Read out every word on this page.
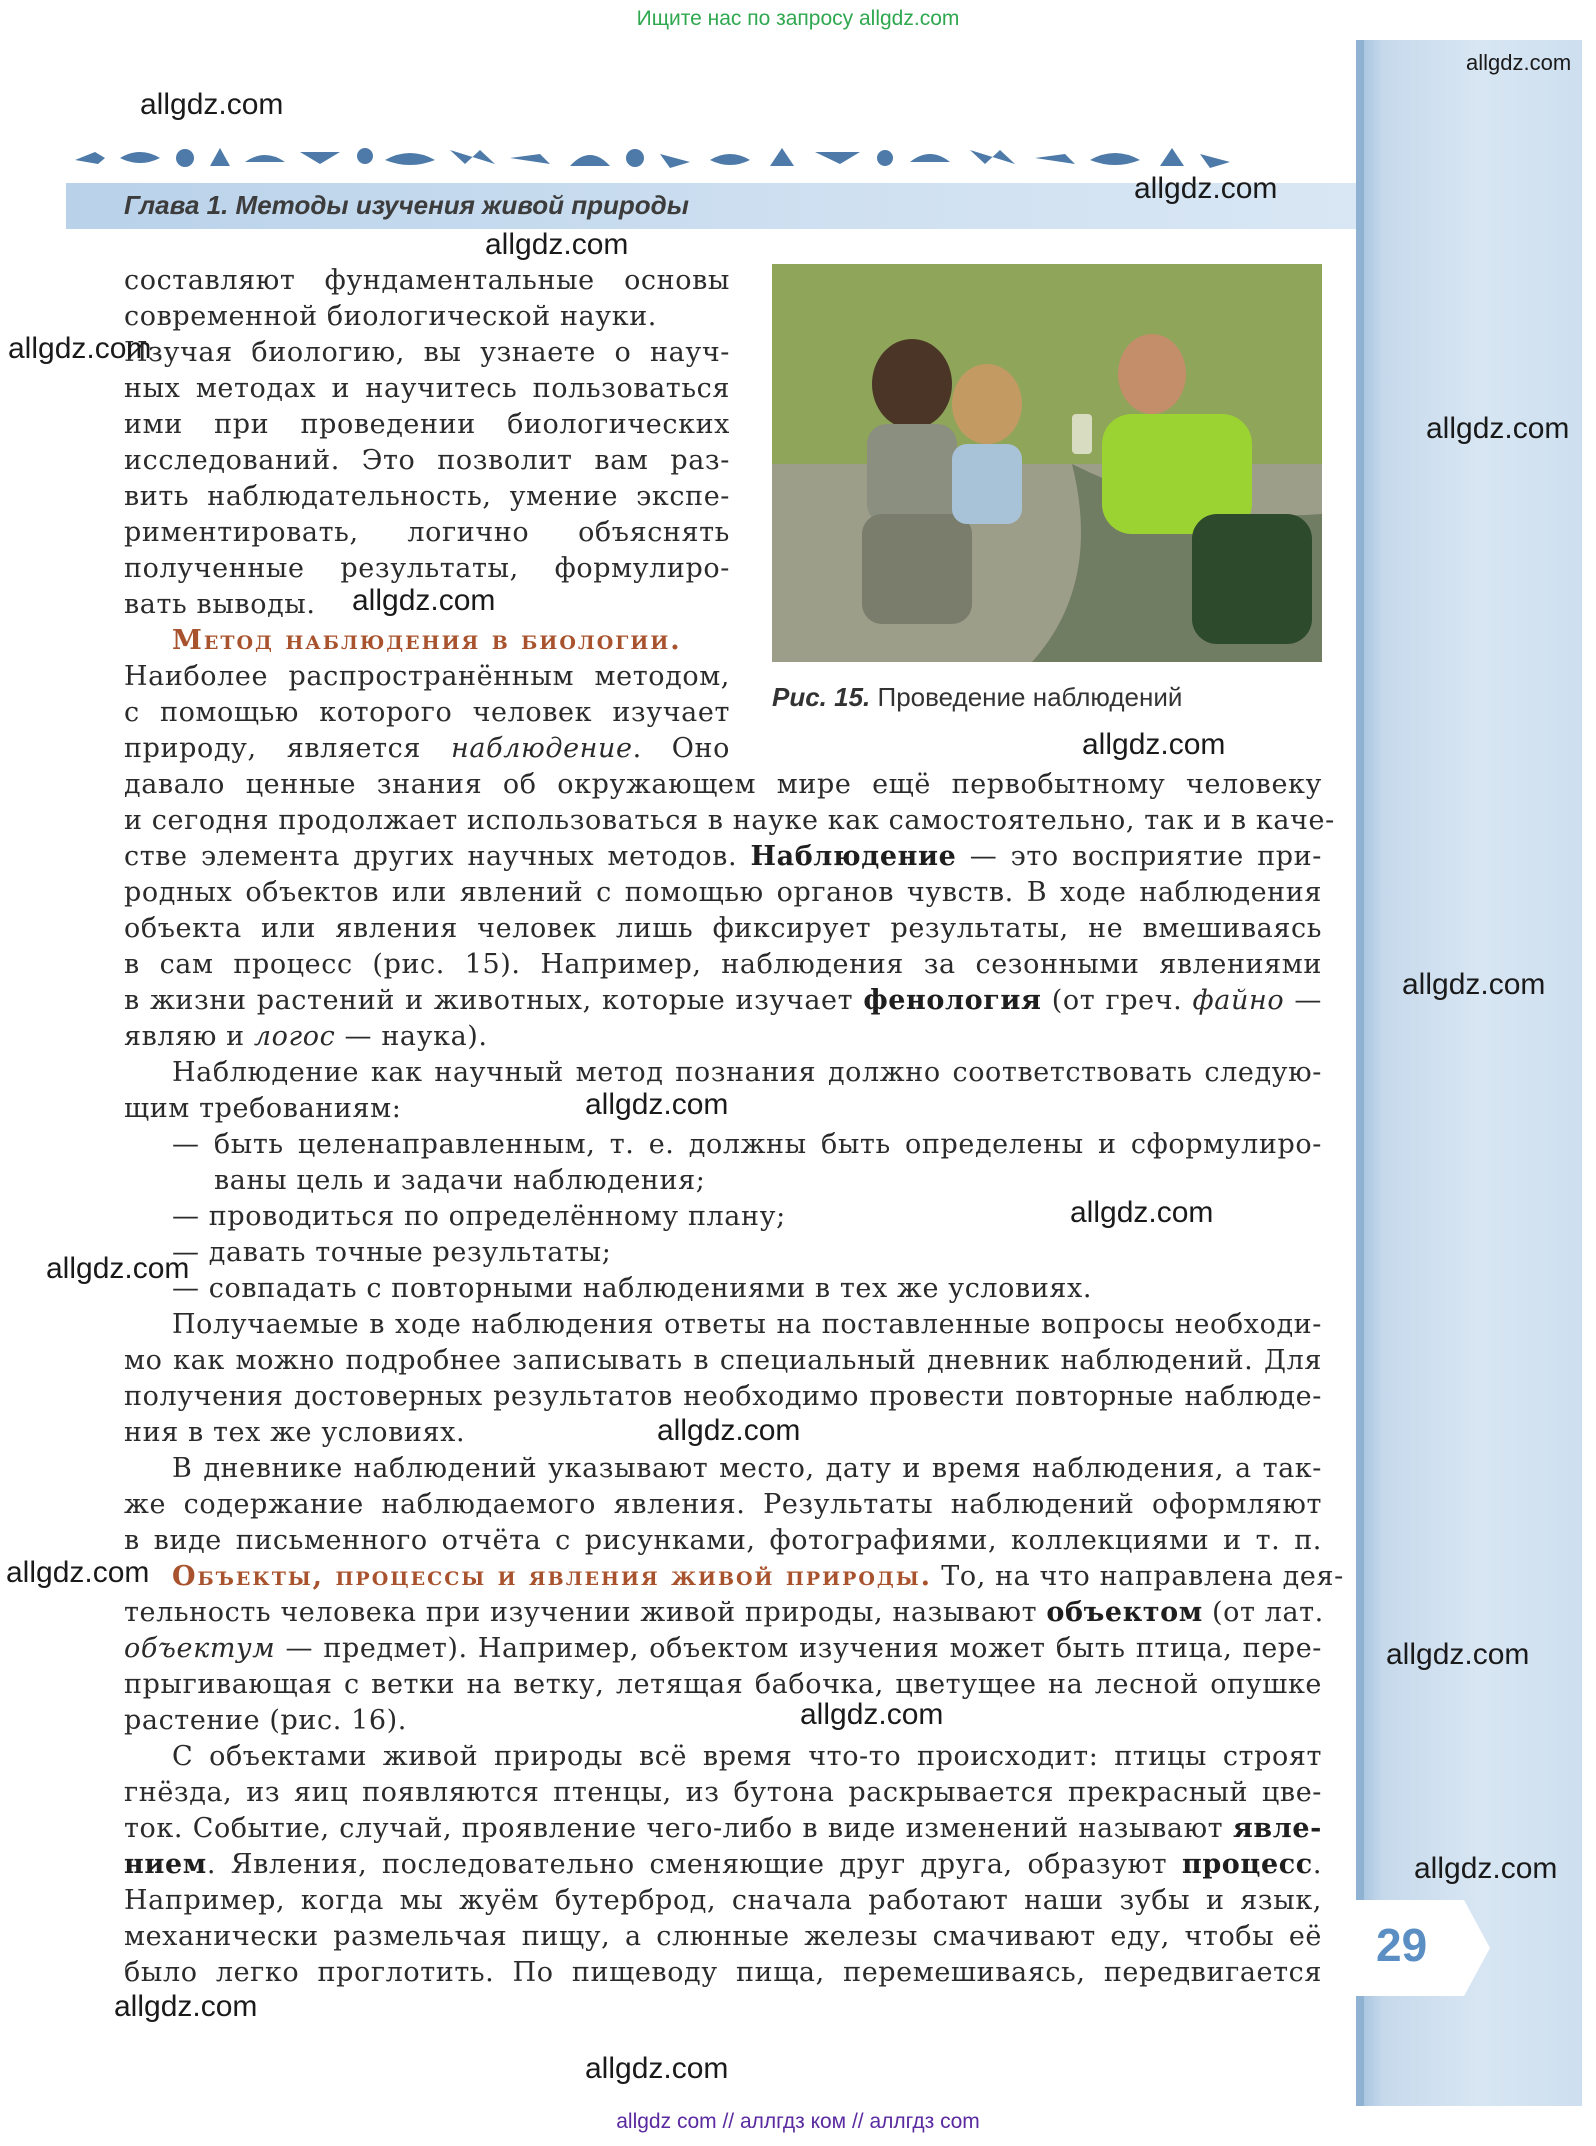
Ищите нас по запросу allgdz.com
29
Глава 1. Методы изучения живой природы
Рис. 15. Проведение наблюдений
составляют фундаментальные основы
современной биологической науки.
Изучая биологию, вы узнаете о науч-
ных методах и научитесь пользоваться
ими при проведении биологических
исследований. Это позволит вам раз-
вить наблюдательность, умение экспе-
риментировать, логично объяснять
полученные результаты, формулиро-
вать выводы.
Метод наблюдения в биологии.
Наиболее распространённым методом,
с помощью которого человек изучает
природу, является наблюдение. Оно
давало ценные знания об окружающем мире ещё первобытному человеку
и сегодня продолжает использоваться в науке как самостоятельно, так и в каче-
стве элемента других научных методов. Наблюдение — это восприятие при-
родных объектов или явлений с помощью органов чувств. В ходе наблюдения
объекта или явления человек лишь фиксирует результаты, не вмешиваясь
в сам процесс (рис. 15). Например, наблюдения за сезонными явлениями
в жизни растений и животных, которые изучает фенология (от греч. файно —
являю и логос — наука).
Наблюдение как научный метод познания должно соответствовать следую-
щим требованиям:
— быть целенаправленным, т. е. должны быть определены и сформулиро-
ваны цель и задачи наблюдения;
— проводиться по определённому плану;
— давать точные результаты;
— совпадать с повторными наблюдениями в тех же условиях.
Получаемые в ходе наблюдения ответы на поставленные вопросы необходи-
мо как можно подробнее записывать в специальный дневник наблюдений. Для
получения достоверных результатов необходимо провести повторные наблюде-
ния в тех же условиях.
В дневнике наблюдений указывают место, дату и время наблюдения, а так-
же содержание наблюдаемого явления. Результаты наблюдений оформляют
в виде письменного отчёта с рисунками, фотографиями, коллекциями и т. п.
Объекты, процессы и явления живой природы. То, на что направлена дея-
тельность человека при изучении живой природы, называют объектом (от лат.
объектум — предмет). Например, объектом изучения может быть птица, пере-
прыгивающая с ветки на ветку, летящая бабочка, цветущее на лесной опушке
растение (рис. 16).
С объектами живой природы всё время что-то происходит: птицы строят
гнёзда, из яиц появляются птенцы, из бутона раскрывается прекрасный цве-
ток. Событие, случай, проявление чего-либо в виде изменений называют явле-
нием. Явления, последовательно сменяющие друг друга, образуют процесс.
Например, когда мы жуём бутерброд, сначала работают наши зубы и язык,
механически размельчая пищу, а слюнные железы смачивают еду, чтобы её
было легко проглотить. По пищеводу пища, перемешиваясь, передвигается
allgdz.com
allgdz.com
allgdz.com
allgdz.com
allgdz.com
allgdz.com
allgdz.com
allgdz.com
allgdz.com
allgdz.com
allgdz.com
allgdz.com
allgdz.com
allgdz.com
allgdz.com
allgdz.com
allgdz.com
allgdz.com
allgdz.com
allgdz com // аллгдз ком // аллгдз com
